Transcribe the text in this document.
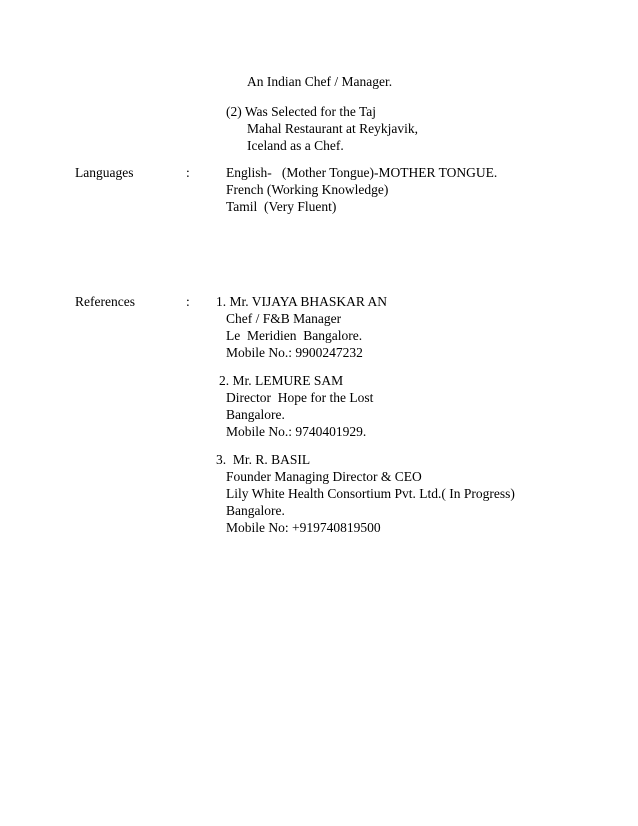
An Indian Chef / Manager.
(2) Was Selected for the Taj
Mahal Restaurant at Reykjavik,
Iceland as a Chef.
Languages	:	English-   (Mother Tongue)-MOTHER TONGUE.
French (Working Knowledge)
Tamil  (Very Fluent)
References	: 1. Mr. VIJAYA BHASKAR AN
Chef / F&B Manager
Le  Meridien  Bangalore.
Mobile No.: 9900247232
2. Mr. LEMURE SAM
Director  Hope for the Lost
Bangalore.
Mobile No.: 9740401929.
3.  Mr. R. BASIL
Founder Managing Director & CEO
Lily White Health Consortium Pvt. Ltd.( In Progress)
Bangalore.
Mobile No: +919740819500
